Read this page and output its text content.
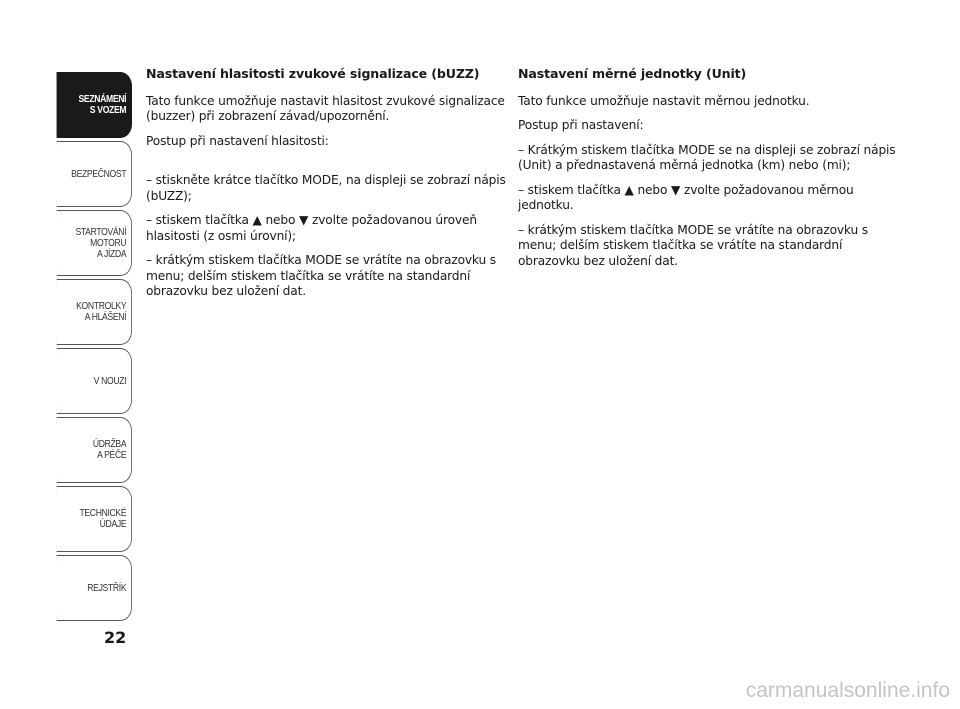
SEZNÁMENÍ
S VOZEM
BEZPEČNOST
STARTOVÁNÍ
MOTORU
A JÍZDA
KONTROLKY
A HLÁŠENÍ
V NOUZI
ÚDRŽBA
A PÉČE
TECHNICKÉ
ÚDAJE
REJSTŘÍK
22
Nastavení hlasitosti zvukové signalizace (bUZZ)

Tato funkce umožňuje nastavit hlasitost zvukové signalizace (buzzer) při zobrazení závad/upozornění.

Postup při nastavení hlasitosti:

– stiskněte krátce tlačítko MODE, na displeji se zobrazí nápis (bUZZ);

– stiskem tlačítka ▲ nebo ▼ zvolte požadovanou úroveň hlasitosti (z osmi úrovní);

– krátkým stiskem tlačítka MODE se vrátíte na obrazovku s menu; delším stiskem tlačítka se vrátíte na standardní obrazovku bez uložení dat.

Nastavení měrné jednotky (Unit)

Tato funkce umožňuje nastavit měrnou jednotku.

Postup při nastavení:

– Krátkým stiskem tlačítka MODE se na displeji se zobrazí nápis (Unit) a přednastavená měrná jednotka (km) nebo (mi);

– stiskem tlačítka ▲ nebo ▼ zvolte požadovanou měrnou jednotku.

– krátkým stiskem tlačítka MODE se vrátíte na obrazovku s menu; delším stiskem tlačítka se vrátíte na standardní obrazovku bez uložení dat.

carmanualsonline.info
